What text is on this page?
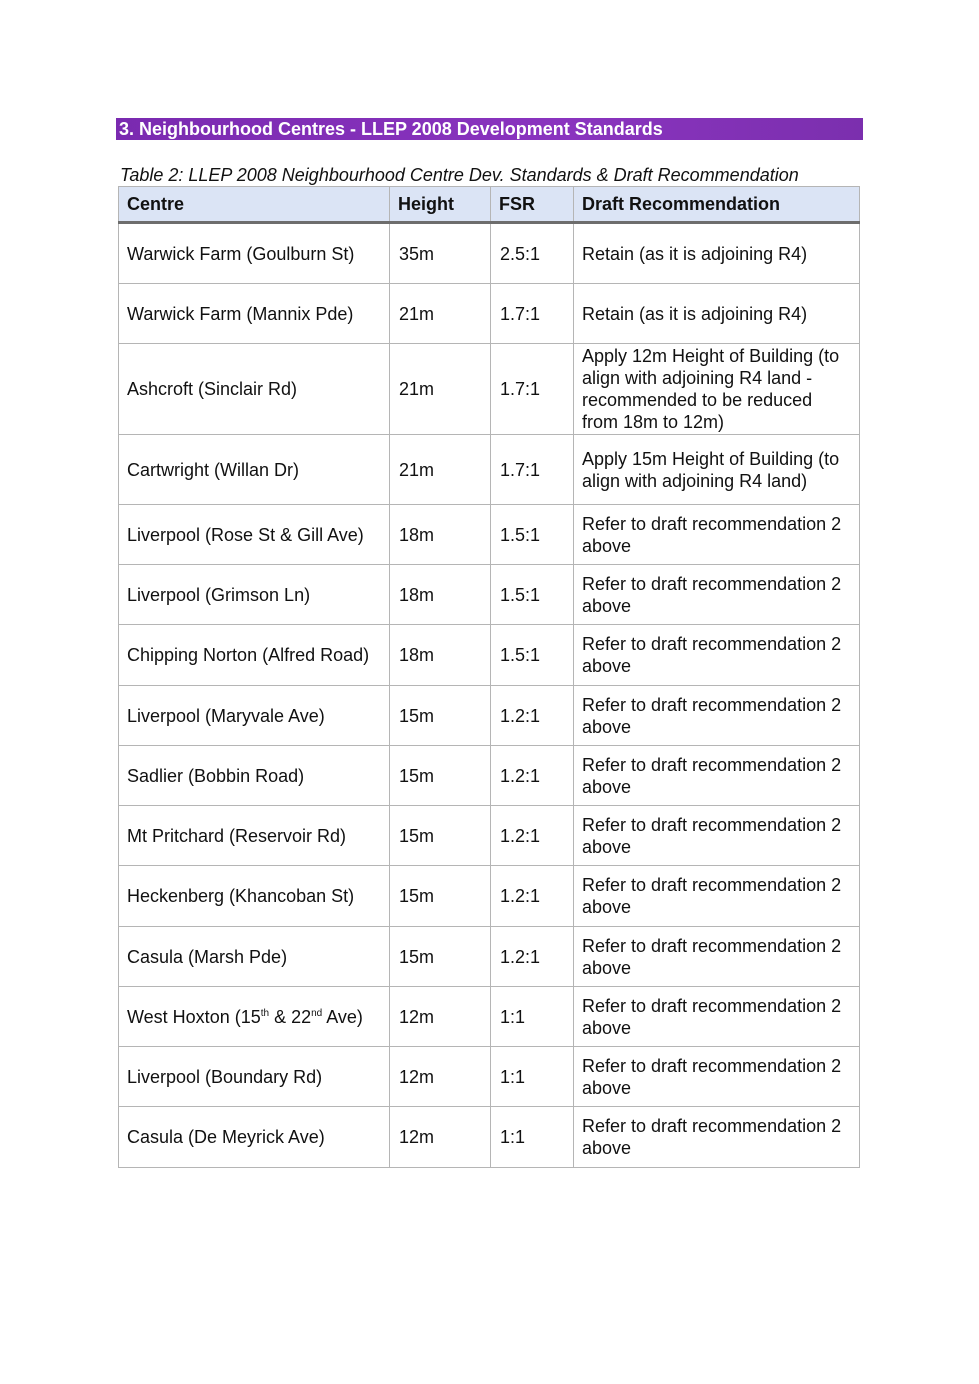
3. Neighbourhood Centres - LLEP 2008 Development Standards
Table 2: LLEP 2008 Neighbourhood Centre Dev. Standards & Draft Recommendation
Centre	Height	FSR	Draft Recommendation
Warwick Farm (Goulburn St)	35m	2.5:1	Retain (as it is adjoining R4)
Warwick Farm (Mannix Pde)	21m	1.7:1	Retain (as it is adjoining R4)
Ashcroft (Sinclair Rd)	21m	1.7:1	Apply 12m Height of Building (to align with adjoining R4 land - recommended to be reduced from 18m to 12m)
Cartwright (Willan Dr)	21m	1.7:1	Apply 15m Height of Building (to align with adjoining R4 land)
Liverpool (Rose St & Gill Ave)	18m	1.5:1	Refer to draft recommendation 2 above
Liverpool (Grimson Ln)	18m	1.5:1	Refer to draft recommendation 2 above
Chipping Norton (Alfred Road)	18m	1.5:1	Refer to draft recommendation 2 above
Liverpool (Maryvale Ave)	15m	1.2:1	Refer to draft recommendation 2 above
Sadlier (Bobbin Road)	15m	1.2:1	Refer to draft recommendation 2 above
Mt Pritchard (Reservoir Rd)	15m	1.2:1	Refer to draft recommendation 2 above
Heckenberg (Khancoban St)	15m	1.2:1	Refer to draft recommendation 2 above
Casula (Marsh Pde)	15m	1.2:1	Refer to draft recommendation 2 above
West Hoxton (15th & 22nd Ave)	12m	1:1	Refer to draft recommendation 2 above
Liverpool (Boundary Rd)	12m	1:1	Refer to draft recommendation 2 above
Casula (De Meyrick Ave)	12m	1:1	Refer to draft recommendation 2 above
